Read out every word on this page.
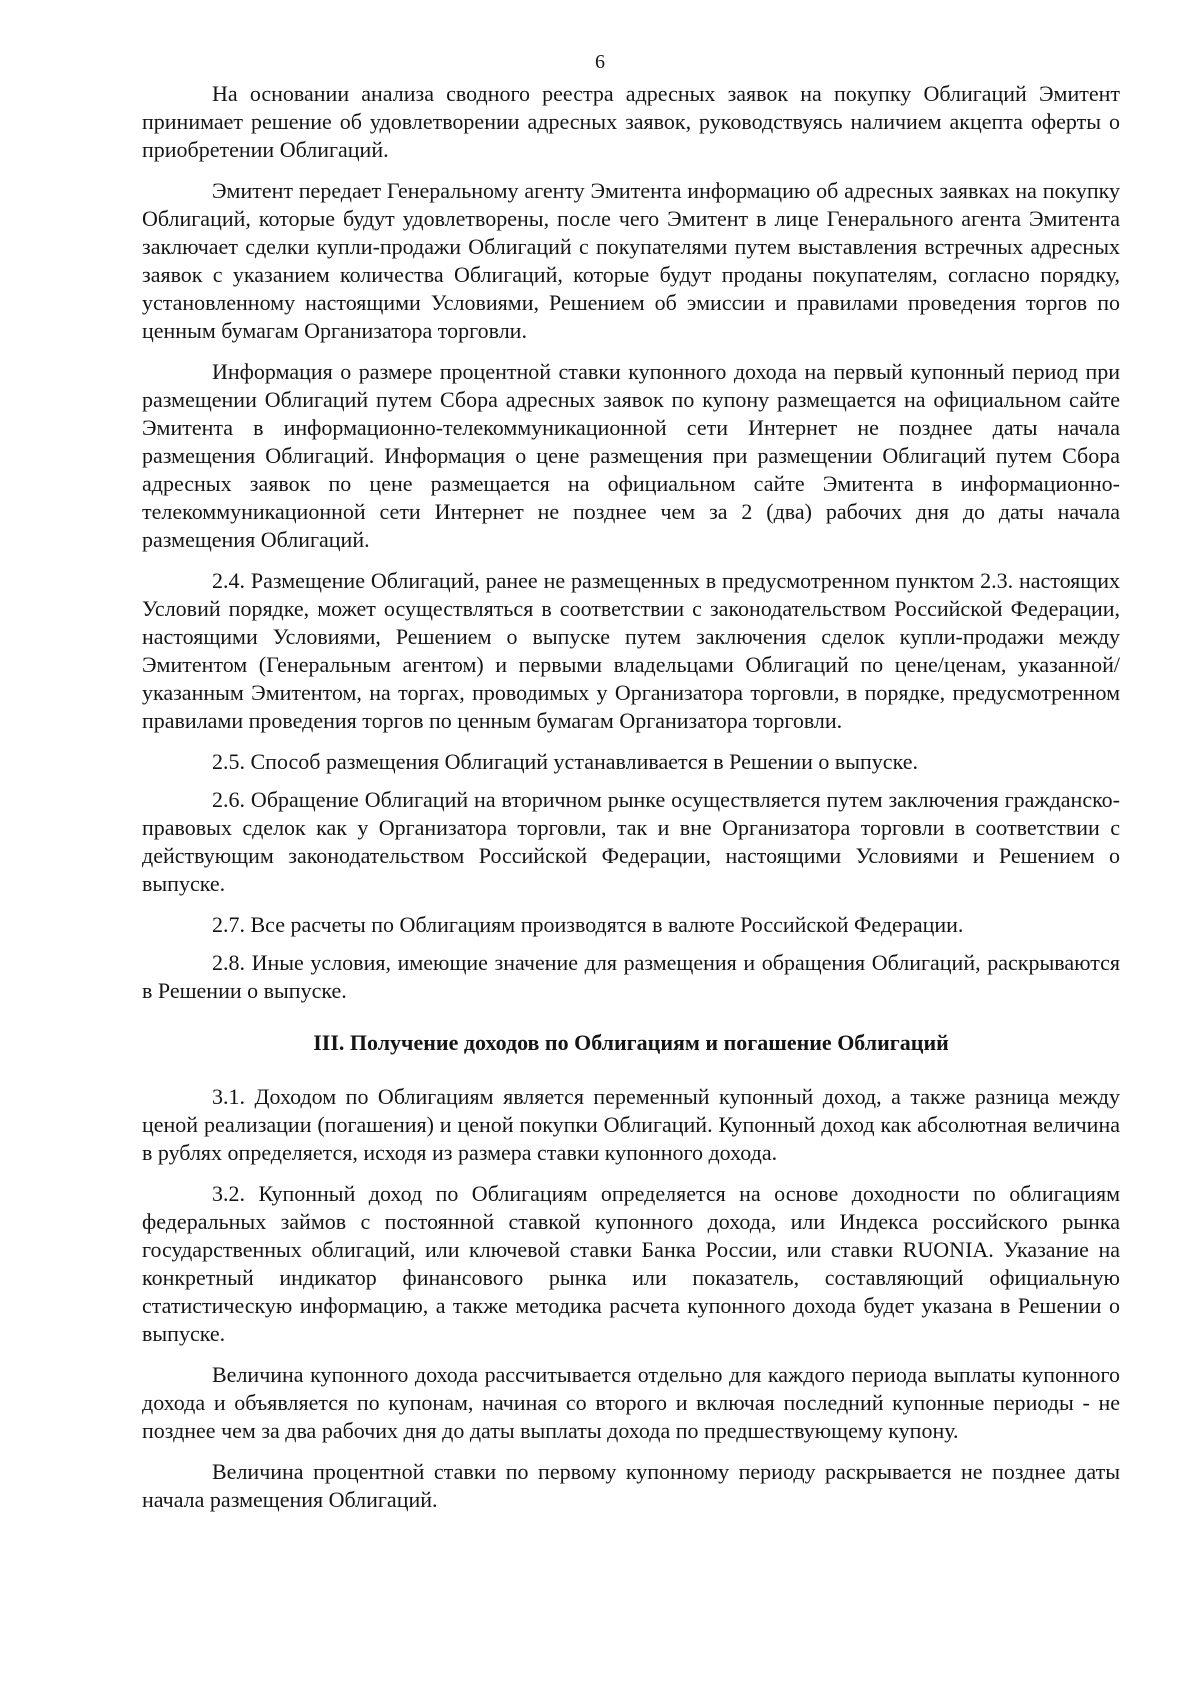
6

На основании анализа сводного реестра адресных заявок на покупку Облигаций Эмитент принимает решение об удовлетворении адресных заявок, руководствуясь наличием акцепта оферты о приобретении Облигаций.

Эмитент передает Генеральному агенту Эмитента информацию об адресных заявках на покупку Облигаций, которые будут удовлетворены, после чего Эмитент в лице Генерального агента Эмитента заключает сделки купли-продажи Облигаций с покупателями путем выставления встречных адресных заявок с указанием количества Облигаций, которые будут проданы покупателям, согласно порядку, установленному настоящими Условиями, Решением об эмиссии и правилами проведения торгов по ценным бумагам Организатора торговли.

Информация о размере процентной ставки купонного дохода на первый купонный период при размещении Облигаций путем Сбора адресных заявок по купону размещается на официальном сайте Эмитента в информационно-телекоммуникационной сети Интернет не позднее даты начала размещения Облигаций. Информация о цене размещения при размещении Облигаций путем Сбора адресных заявок по цене размещается на официальном сайте Эмитента в информационно-телекоммуникационной сети Интернет не позднее чем за 2 (два) рабочих дня до даты начала размещения Облигаций.

2.4. Размещение Облигаций, ранее не размещенных в предусмотренном пунктом 2.3. настоящих Условий порядке, может осуществляться в соответствии с законодательством Российской Федерации, настоящими Условиями, Решением о выпуске путем заключения сделок купли-продажи между Эмитентом (Генеральным агентом) и первыми владельцами Облигаций по цене/ценам, указанной/указанным Эмитентом, на торгах, проводимых у Организатора торговли, в порядке, предусмотренном правилами проведения торгов по ценным бумагам Организатора торговли.

2.5. Способ размещения Облигаций устанавливается в Решении о выпуске.

2.6. Обращение Облигаций на вторичном рынке осуществляется путем заключения гражданско-правовых сделок как у Организатора торговли, так и вне Организатора торговли в соответствии с действующим законодательством Российской Федерации, настоящими Условиями и Решением о выпуске.

2.7. Все расчеты по Облигациям производятся в валюте Российской Федерации.

2.8. Иные условия, имеющие значение для размещения и обращения Облигаций, раскрываются в Решении о выпуске.

III. Получение доходов по Облигациям и погашение Облигаций

3.1. Доходом по Облигациям является переменный купонный доход, а также разница между ценой реализации (погашения) и ценой покупки Облигаций. Купонный доход как абсолютная величина в рублях определяется, исходя из размера ставки купонного дохода.

3.2. Купонный доход по Облигациям определяется на основе доходности по облигациям федеральных займов с постоянной ставкой купонного дохода, или Индекса российского рынка государственных облигаций, или ключевой ставки Банка России, или ставки RUONIA. Указание на конкретный индикатор финансового рынка или показатель, составляющий официальную статистическую информацию, а также методика расчета купонного дохода будет указана в Решении о выпуске.

Величина купонного дохода рассчитывается отдельно для каждого периода выплаты купонного дохода и объявляется по купонам, начиная со второго и включая последний купонные периоды - не позднее чем за два рабочих дня до даты выплаты дохода по предшествующему купону.

Величина процентной ставки по первому купонному периоду раскрывается не позднее даты начала размещения Облигаций.
